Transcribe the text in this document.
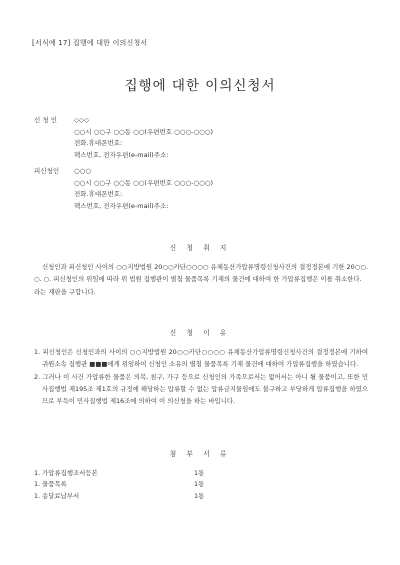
[서식예 17] 집행에 대한 이의신청서
집행에 대한 이의신청서
신 청 인	◇◇◇
○○시 ○○구 ○○동 ○○(우편번호 ○○○-○○○)
전화.휴대폰번호:
팩스번호, 전자우편(e-mail)주소:
피신청인	○○○
○○시 ○○구 ○○동 ○○(우편번호 ○○○-○○○)
전화.휴대폰번호:
팩스번호, 전자우편(e-mail)주소:
신 청 취 지

신청인과 피신청인 사이의 ○○지방법원 20○○카단○○○○ 유체동산가압류명령신청사건의 결정정본에 기한 20○○. ○. ○. 피신청인의 위임에 따라 위 법원 집행관이 별첨 물품목록 기재의 물건에 대하여 한 가압류집행은 이를 취소한다.

라는 재판을 구합니다.

신 청 이 유

1. 피신청인은 신청인과의 사이의 ○○지방법원 20○○카단○○○○ 유체동산가압류명령신청사건의 결정정본에 기하여 귀원소속 집행관 ■■■에게 위임하여 신청인 소유의 별첨 물품목록 기재 물건에 대하여 가압류집행을 하였습니다.

2. 그러나 이 사건 가압류한 물품은 의복, 침구, 가구 등으로 신청인의 가족으로서는 없어서는 아니 될 물품이고, 또한 민사집행법 제195조 제1호의 규정에 해당하는 압류할 수 없는 압류금지물임에도 불구하고 부당하게 압류집행을 하였으므로 부득이 민사집행법 제16조에 의하여 이 의신청을 하는 바입니다.

첨 부 서 류
1. 가압류집행조서등본	1통
1. 물품목록	1통
1. 송달료납부서	1통
